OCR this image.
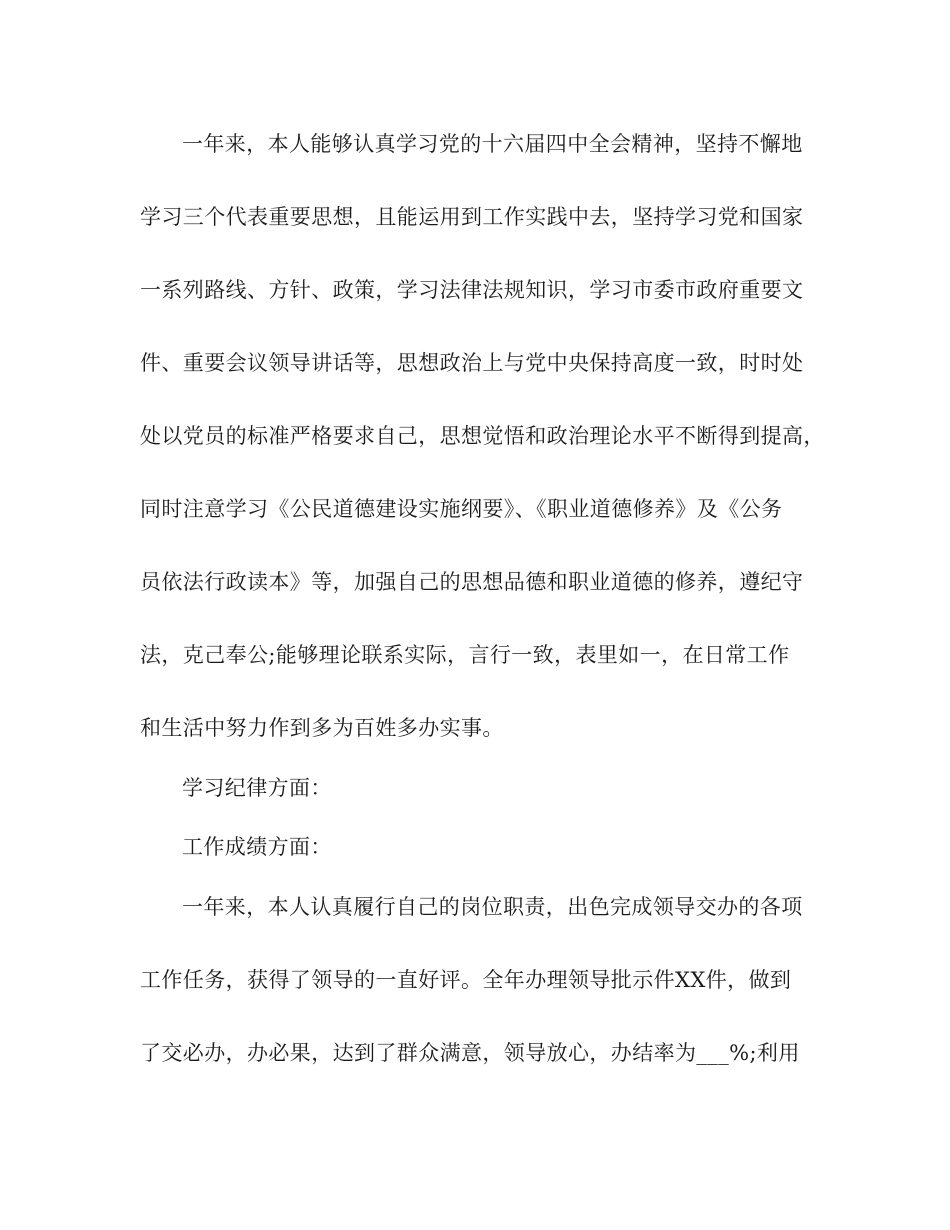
一年来，本人能够认真学习党的十六届四中全会精神，坚持不懈地
学习三个代表重要思想，且能运用到工作实践中去，坚持学习党和国家
一系列路线、方针、政策，学习法律法规知识，学习市委市政府重要文
件、重要会议领导讲话等，思想政治上与党中央保持高度一致，时时处
处以党员的标准严格要求自己，思想觉悟和政治理论水平不断得到提高，
同时注意学习《公民道德建设实施纲要》、《职业道德修养》及《公务
员依法行政读本》等，加强自己的思想品德和职业道德的修养，遵纪守
法，克己奉公;能够理论联系实际，言行一致，表里如一，在日常工作
和生活中努力作到多为百姓多办实事。
学习纪律方面：
工作成绩方面：
一年来，本人认真履行自己的岗位职责，出色完成领导交办的各项
工作任务，获得了领导的一直好评。全年办理领导批示件XX件，做到
了交必办，办必果，达到了群众满意，领导放心，办结率为___%;利用
